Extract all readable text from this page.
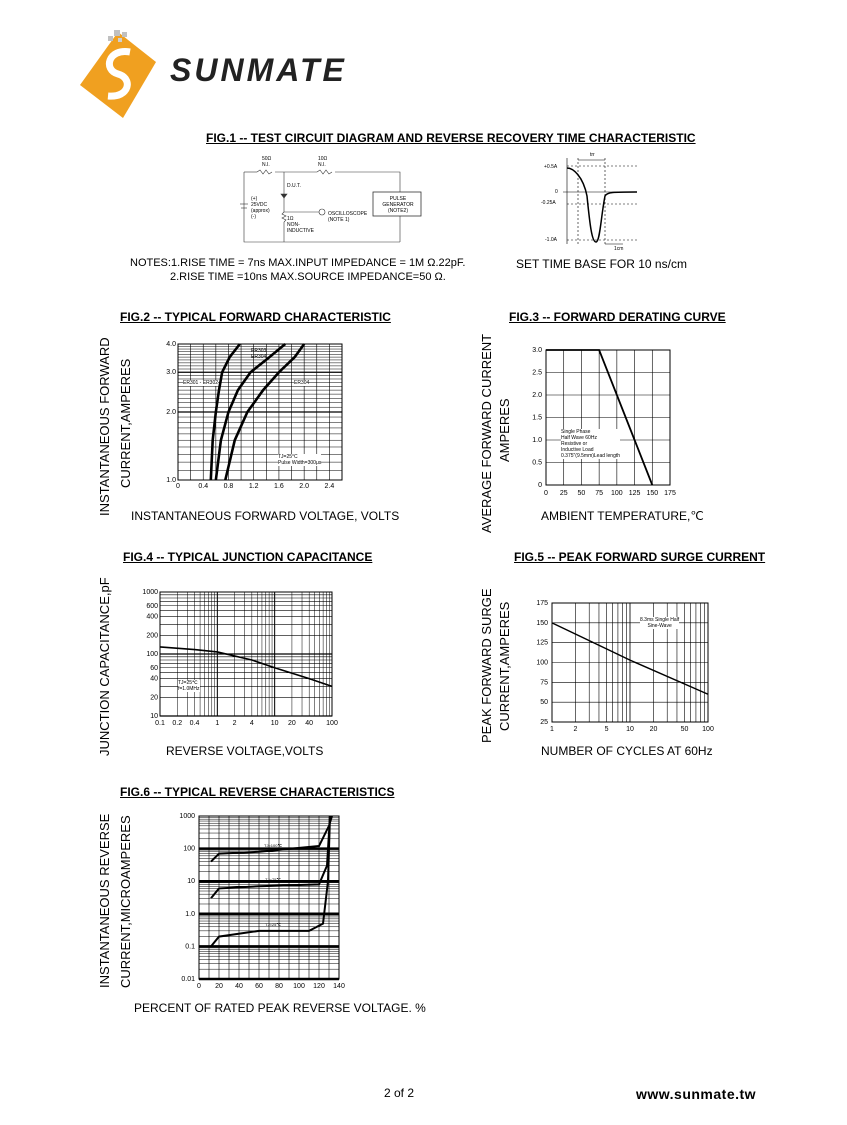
SUNMATE
FIG.1 -- TEST CIRCUIT DIAGRAM AND REVERSE RECOVERY TIME CHARACTERISTIC
50Ω
N.I.
10Ω
N.I.
D.U.T.
(+)
25VDC
(approx)
(-)	1Ω
NON-
INDUCTIVE
OSCILLOSCOPE
(NOTE 1)
PULSE
GENERATOR
(NOTE2)
trr
1cm
+0.5A
0
-0.25A
-1.0A
NOTES:1.RISE TIME = 7ns MAX.INPUT IMPEDANCE = 1M Ω.22pF.
2.RISE TIME =10ns MAX.SOURCE IMPEDANCE=50 Ω.
SET TIME BASE FOR 10 ns/cm
FIG.2 -- TYPICAL FORWARD CHARACTERISTIC
INSTANTANEOUS FORWARD CURRENT,AMPERES
INSTANTANEOUS FORWARD VOLTAGE, VOLTS
0	0.4 0.8 1.2 1.6 2.0 2.4
1.0
2.0
3.0
4.0
ER303
ER304
ER301 - ER302	ER304
TJ=25°C
Pulse Width=300μs
FIG.3 -- FORWARD DERATING CURVE
AVERAGE FORWARD CURRENT AMPERES
AMBIENT TEMPERATURE,℃
0 25 50 75 100 125 150 175
0
0.5
1.0
1.5
2.0
2.5
3.0
Single Phase
Half Wave 60Hz
Resistive or
Inductive Load
0.375"(9.5mm)Lead length
FIG.4 -- TYPICAL JUNCTION CAPACITANCE
JUNCTION CAPACITANCE,pF	REVERSE VOLTAGE,VOLTS
0.1 0.2 0.4 1 2 4 10 20 40 100
10
20
40
60
100
200
400
600
1000
TJ=25℃
f=1.0MHz
FIG.5 -- PEAK FORWARD SURGE CURRENT
PEAK FORWARD SURGE CURRENT,AMPERES
NUMBER OF CYCLES AT 60Hz
25
50
75
100
125
150
175
1	2	5	10 20	50 100
8.3ms Single Half
Sine-Wave
FIG.6 -- TYPICAL REVERSE CHARACTERISTICS
INSTANTANEOUS REVERSE CURRENT,MICROAMPERES
PERCENT OF RATED PEAK REVERSE VOLTAGE. %
0 20 40 60 80 100 120 140
0.01
0.1
1.0
10
100
1000
TJ=100℃
TJ=75℃
TJ=25℃
2 of 2	www.sunmate.tw
